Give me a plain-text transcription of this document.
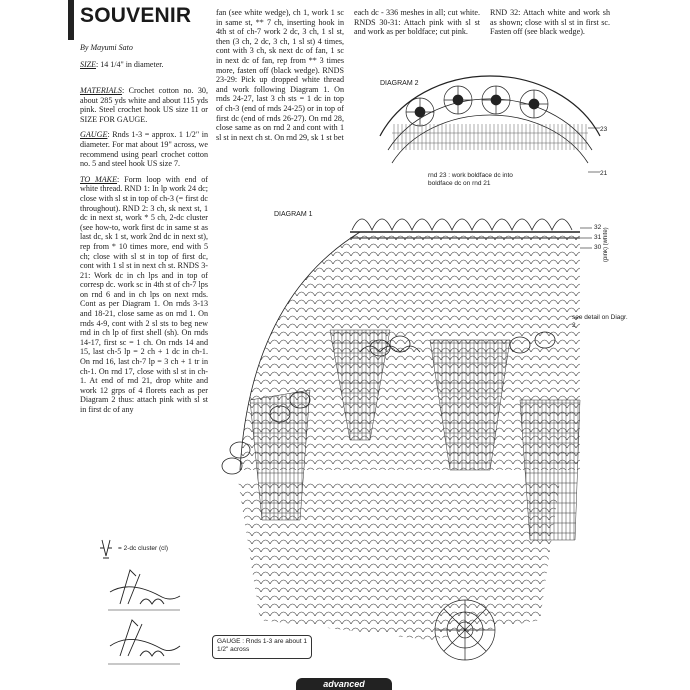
SOUVENIR
By Mayumi Sato
SIZE: 14 1/4" in diameter.

MATERIALS: Crochet cotton no. 30, about 285 yds white and about 115 yds pink. Steel crochet hook US size 11 or SIZE FOR GAUGE.

GAUGE: Rnds 1-3 = approx. 1 1/2" in diameter. For mat about 19" across, we recommend using pearl crochet cotton no. 5 and steel hook US size 7.

TO MAKE: Form loop with end of white thread. RND 1: In lp work 24 dc; close with sl st in top of ch-3 (= first dc throughout). RND 2: 3 ch, sk next st, 1 dc in next st, work * 5 ch, 2-dc cluster (see how-to, work first dc in same st as last dc, sk 1 st, work 2nd dc in next st), rep from * 10 times more, end with 5 ch; close with sl st in top of first dc, cont with 1 sl st in next ch st. RNDS 3-21: Work dc in ch lps and in top of corresp dc. work sc in 4th st of ch-7 lps on rnd 6 and in ch lps on next rnds. Cont as per Diagram 1. On rnds 3-13 and 18-21, close same as on rnd 1. On rnds 4-9, cont with 2 sl sts to beg new rnd in ch lp of first shell (sh). On rnds 14-17, first sc = 1 ch. On rnds 14 and 15, last ch-5 lp = 2 ch + 1 dc in ch-1. On rnd 16, last ch-7 lp = 3 ch + 1 tr in ch-1. On rnd 17, close with sl st in ch-1. At end of rnd 21, drop white and work 12 grps of 4 florets each as per Diagram 2 thus: attach pink with sl st in first dc of any

fan (see white wedge), ch 1, work 1 sc in same st, ** 7 ch, inserting hook in 4th st of ch-7 work 2 dc, 3 ch, 1 sl st, then (3 ch, 2 dc, 3 ch, 1 sl st) 4 times, cont with 3 ch, sk next dc of fan, 1 sc in next dc of fan, rep from ** 3 times more, fasten off (black wedge). RNDS 23-29: Pick up dropped white thread and work following Diagram 1. On rnds 24-27, last 3 ch sts = 1 dc in top of ch-3 (end of rnds 24-25) or in top of first dc (end of rnds 26-27). On rnd 28, close same as on rnd 2 and cont with 1 sl st in next ch st. On rnd 29, sk 1 st bet

each dc - 336 meshes in all; cut white. RNDS 30-31: Attach pink with sl st and work as per boldface; cut pink.

RND 32: Attach white and work sh as shown; close with sl st in first sc. Fasten off (see black wedge).

DIAGRAM 2
DIAGRAM 1
rnd 23 : work boldface dc into boldface dc on rnd 21
23
21
32
31
30 (pink) (white)
see detail on Diagr. 2
= 2-dc cluster (cl)
GAUGE : Rnds 1-3 are about 1 1/2" across
advanced
